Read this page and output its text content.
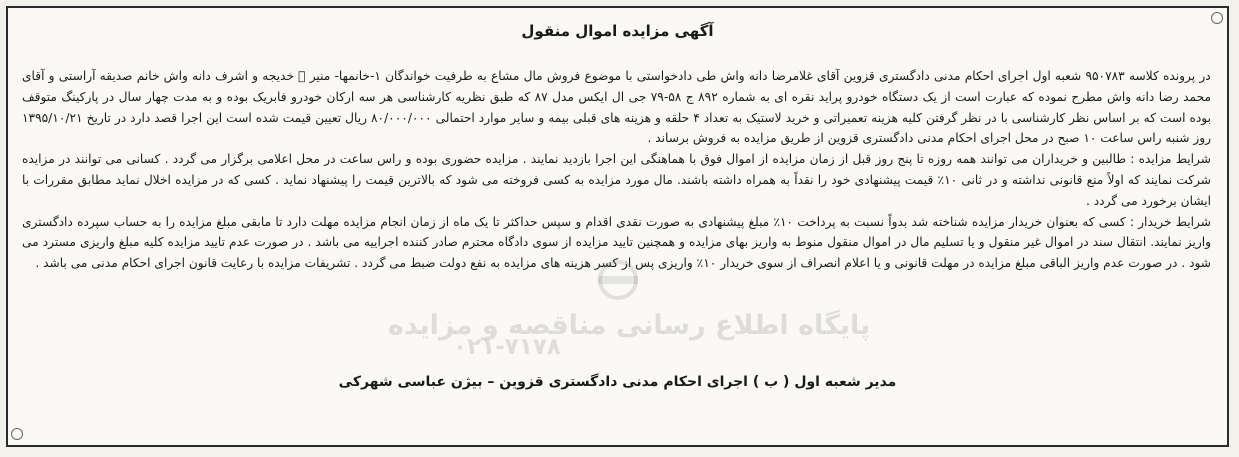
آگهی مزایده اموال منقول

در پرونده کلاسه ۹۵۰۷۸۳ شعبه اول اجرای احکام مدنی دادگستری قزوین آقای غلامرضا دانه واش طی دادخواستی با موضوع فروش مال مشاع به طرفیت خواندگان ۱-خانمها- منیر ⃞ خدیجه و اشرف دانه واش خانم صدیقه آراستی و آقای محمد رضا دانه واش مطرح نموده که عبارت است از یک دستگاه خودرو پراید نقره ای به شماره ۸۹۲ ج ۵۸-۷۹ جی ال ایکس مدل ۸۷ که طبق نظریه کارشناسی هر سه ارکان خودرو فابریک بوده و به مدت چهار سال در پارکینگ متوقف بوده است که بر اساس نظر کارشناسی با در نظر گرفتن کلیه هزینه تعمیراتی و خرید لاستیک به تعداد ۴ حلقه و هزینه های قبلی بیمه و سایر موارد احتمالی ۸۰/۰۰۰/۰۰۰ ریال تعیین قیمت شده است این اجرا قصد دارد در تاریخ ۱۳۹۵/۱۰/۲۱ روز شنبه راس ساعت ۱۰ صبح در محل اجرای احکام مدنی دادگستری قزوین از طریق مزایده به فروش برساند .

شرایط مزایده : طالبین و خریداران می توانند همه روزه تا پنج روز قبل از زمان مزایده از اموال فوق با هماهنگی این اجرا بازدید نمایند . مزایده حضوری بوده و راس ساعت در محل اعلامی برگزار می گردد . کسانی می توانند در مزایده شرکت نمایند که اولاً منع قانونی نداشته و در ثانی ۱۰٪ قیمت پیشنهادی خود را نقداً به همراه داشته باشند. مال مورد مزایده به کسی فروخته می شود که بالاترین قیمت را پیشنهاد نماید . کسی که در مزایده اخلال نماید مطابق مقررات با ایشان برخورد می گردد .

شرایط خریدار : کسی که بعنوان خریدار مزایده شناخته شد بدواً نسبت به پرداخت ۱۰٪ مبلغ پیشنهادی به صورت نقدی اقدام و سپس حداکثر تا یک ماه از زمان انجام مزایده مهلت دارد تا مابقی مبلغ مزایده را به حساب سپرده دادگستری واریز نمایند. انتقال سند در اموال غیر منقول و یا تسلیم مال در اموال منقول منوط به واریز بهای مزایده و همچنین تایید مزایده از سوی دادگاه محترم صادر کننده اجراییه می باشد . در صورت عدم تایید مزایده کلیه مبلغ واریزی مسترد می شود . در صورت عدم واریز الباقی مبلغ مزایده در مهلت قانونی و یا اعلام انصراف از سوی خریدار ۱۰٪ واریزی پس از کسر هزینه های مزایده به نفع دولت ضبط می گردد . تشریفات مزایده با رعایت قانون اجرای احکام مدنی می باشد .

پایگاه اطلاع رسانی مناقصه و مزایده
۰۲۱-۷۱۷۸
مدیر شعبه اول ( ب ) اجرای احکام مدنی دادگستری قزوین – بیژن عباسی شهرکی
